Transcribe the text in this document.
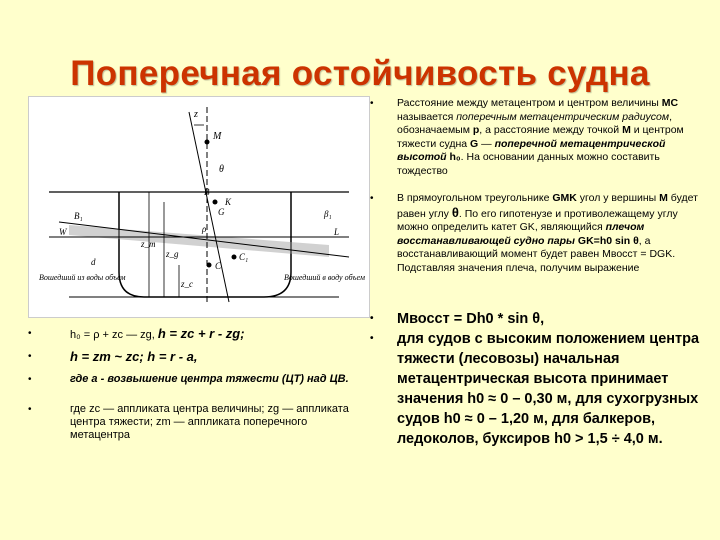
Поперечная остойчивость судна
M
z
θ
B
K
G
ρ
C
C₁
W	L
β₁
B₁
z_m
z_g
z_c
d
Вошедший из воды объем	Вошедший в воду объем
•	h₀ = ρ + zc — zg, h = zc + r - zg;
•	h = zm ~ zc; h = r - a,
•	где а - возвышение центра тяжести (ЦТ) над ЦВ.
•	где zc — аппликата центра величины; zg — аппликата центра тяжести; zm — аппликата поперечного метацентра
•	Расстояние между метацентром и центром величины МС называется поперечным метацентрическим радиусом, обозначаемым р, а расстояние между точкой М и центром тяжести судна G — поперечной метацентрической высотой h₀. На основании данных можно составить тождество
•	В прямоугольном треугольнике GMK угол у вершины М будет равен углу θ. По его гипотенузе и противолежащему углу можно определить катет GK, являющийся плечом восстанавливающей судно пары GK=h0 sin θ, а восстанавливающий момент будет равен Мвосст = DGK. Подставляя значения плеча, получим выражение
•	Мвосст = Dh0 * sin θ,
•	для судов с высоким положением центра тяжести (лесовозы) начальная метацентрическая высота принимает значения h0 ≈ 0 – 0,30 м, для сухогрузных судов h0 ≈ 0 – 1,20 м, для балкеров, ледоколов, буксиров h0 > 1,5 ÷ 4,0 м.
